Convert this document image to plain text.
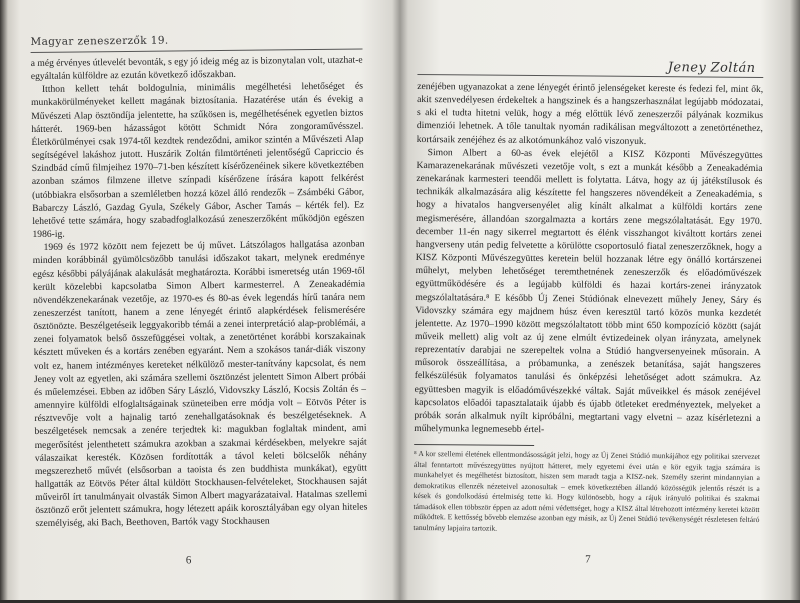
Magyar zeneszerzők 19.

a még érvényes útlevelét bevonták, s egy jó ideig még az is bizonytalan volt, utazhat-e egyáltalán külföldre az ezután következő időszakban.

Itthon kellett tehát boldogulnia, minimális megélhetési lehetőséget és munkakörülményeket kellett magának biztosítania. Hazatérése után és évekig a Művészeti Alap ösztöndíja jelentette, ha szűkösen is, megélhetésének egyetlen biztos hátterét. 1969-ben házasságot kötött Schmidt Nóra zongoraművésszel. Életkörülményei csak 1974-től kezdtek rendeződni, amikor szintén a Művészeti Alap segítségével lakáshoz jutott. Huszárik Zoltán filmtörténeti jelentőségű Capriccio és Szindbád című filmjeihez 1970–71-ben készített kísérőzenéinek sikere következtében azonban számos filmzene illetve színpadi kísérőzene írására kapott felkérést (utóbbiakra elsősorban a szemléletben hozzá közel álló rendezők – Zsámbéki Gábor, Babarczy László, Gazdag Gyula, Székely Gábor, Ascher Tamás – kérték fel). Ez lehetővé tette számára, hogy szabadfoglalkozású zeneszerzőként működjön egészen 1986-ig.

1969 és 1972 között nem fejezett be új művet. Látszólagos hallgatása azonban minden korábbinál gyümölcsözőbb tanulási időszakot takart, melynek eredménye egész későbbi pályájának alakulását meghatározta. Korábbi ismeretség után 1969-től került közelebbi kapcsolatba Simon Albert karmesterrel. A Zeneakadémia növendékzenekarának vezetője, az 1970-es és 80-as évek legendás hírű tanára nem zeneszerzést tanított, hanem a zene lényegét érintő alapkérdések felismerésére ösztönözte. Beszélgetéseik leggyakoribb témái a zenei interpretáció alap-problémái, a zenei folyamatok belső összefüggései voltak, a zenetörténet korábbi korszakainak késztett műveken és a kortárs zenében egyaránt. Nem a szokásos tanár-diák viszony volt ez, hanem intézményes kereteket nélkülöző mester-tanítvány kapcsolat, és nem Jeney volt az egyetlen, aki számára szellemi ösztönzést jelentett Simon Albert próbái és műelemzései. Ebben az időben Sáry László, Vidovszky László, Kocsis Zoltán és – amennyire külföldi elfoglaltságainak szüneteiben erre módja volt – Eötvös Péter is résztvevője volt a hajnalig tartó zenehallgatásoknak és beszélgetéseknek. A beszélgetések nemcsak a zenére terjedtek ki: magukban foglaltak mindent, ami megerősítést jelenthetett számukra azokban a szakmai kérdésekben, melyekre saját válaszaikat keresték. Közösen fordították a távol keleti bölcselők néhány megszerezhető művét (elsősorban a taoista és zen buddhista munkákat), együtt hallgatták az Eötvös Péter által küldött Stockhausen-felvételeket, Stockhausen saját műveiről írt tanulmányait olvasták Simon Albert magyarázataival. Hatalmas szellemi ösztönző erőt jelentett számukra, hogy létezett apáik korosztályában egy olyan hiteles személyiség, aki Bach, Beethoven, Bartók vagy Stockhausen

6
Jeney Zoltán

zenéjében ugyanazokat a zene lényegét érintő jelenségeket kereste és fedezi fel, mint ők, akit szenvedélyesen érdekeltek a hangszinek és a hangszerhasználat legújabb módozatai, s aki el tudta hitetni velük, hogy a még előttük lévő zeneszerzői pályának kozmikus dimenziói lehetnek. A tőle tanultak nyomán radikálisan megváltozott a zenetörténethez, kortársaik zenéjéhez és az alkotómunkához való viszonyuk.

Simon Albert a 60-as évek elejétől a KISZ Központi Művészegyüttes Kamarazenekarának művészeti vezetője volt, s ezt a munkát később a Zeneakadémia zenekarának karmesteri teendői mellett is folytatta. Látva, hogy az új játékstílusok és technikák alkalmazására alig készítette fel hangszeres növendékeit a Zeneakadémia, s hogy a hivatalos hangversenyélet alig kínált alkalmat a külföldi kortárs zene megismerésére, állandóan szorgalmazta a kortárs zene megszólaltatását. Egy 1970. december 11-én nagy sikerrel megtartott és élénk visszhangot kiváltott kortárs zenei hangverseny után pedig felvetette a körülötte csoportosuló fiatal zeneszerzőknek, hogy a KISZ Központi Művészegyüttes keretein belül hozzanak létre egy önálló kortárszenei műhelyt, melyben lehetőséget teremthetnének zeneszerzők és előadóművészek együttműködésére és a legújabb külföldi és hazai kortárs-zenei irányzatok megszólaltatására.⁸ E később Új Zenei Stúdiónak elnevezett műhely Jeney, Sáry és Vidovszky számára egy majdnem húsz éven keresztül tartó közös munka kezdetét jelentette. Az 1970–1990 között megszólaltatott több mint 650 kompozíció között (saját műveik mellett) alig volt az új zene elmúlt évtizedeinek olyan irányzata, amelynek reprezentatív darabjai ne szerepeltek volna a Stúdió hangversenyeinek műsorain. A műsorok összeállítása, a próbamunka, a zenészek betanítása, saját hangszeres felkészülésük folyamatos tanulási és önképzési lehetőséget adott számukra. Az együttesben magyik is előadóművészekké váltak. Saját műveikkel és mások zenéjével kapcsolatos előadói tapasztalataik újabb és újabb ötleteket eredményeztek, melyeket a próbák során alkalmuk nyílt kipróbálni, megtartani vagy elvetni – azaz kísérletezni a műhelymunka legnemesebb értel-

⁸ A kor szellemi életének ellentmondásosságát jelzi, hogy az Új Zenei Stúdió munkájához egy politikai szervezet által fenntartott művészegyüttes nyújtott hátteret, mely egyetemi évei után e kör egyik tagja számára is munkahelyet és megélhetést biztosított, hiszen sem maradt tagja a KISZ-nek. Személy szerint mindannyian a demokratikus ellenzék nézeteivel azonosultak – emek következtében állandó közösségük jelentős részét is a kések és gondolkodású értelmiség tette ki. Hogy különösebb, hogy a rájuk irányuló politikai és szakmai támadások ellen többször éppen az adott némi védettséget, hogy a KISZ által létrehozott intézmény keretei között működtek. E kettősség bővebb elemzése azonban egy másik, az Új Zenei Stúdió tevékenységét részletesen feltáró tanulmány lapjaira tartozik.
7
